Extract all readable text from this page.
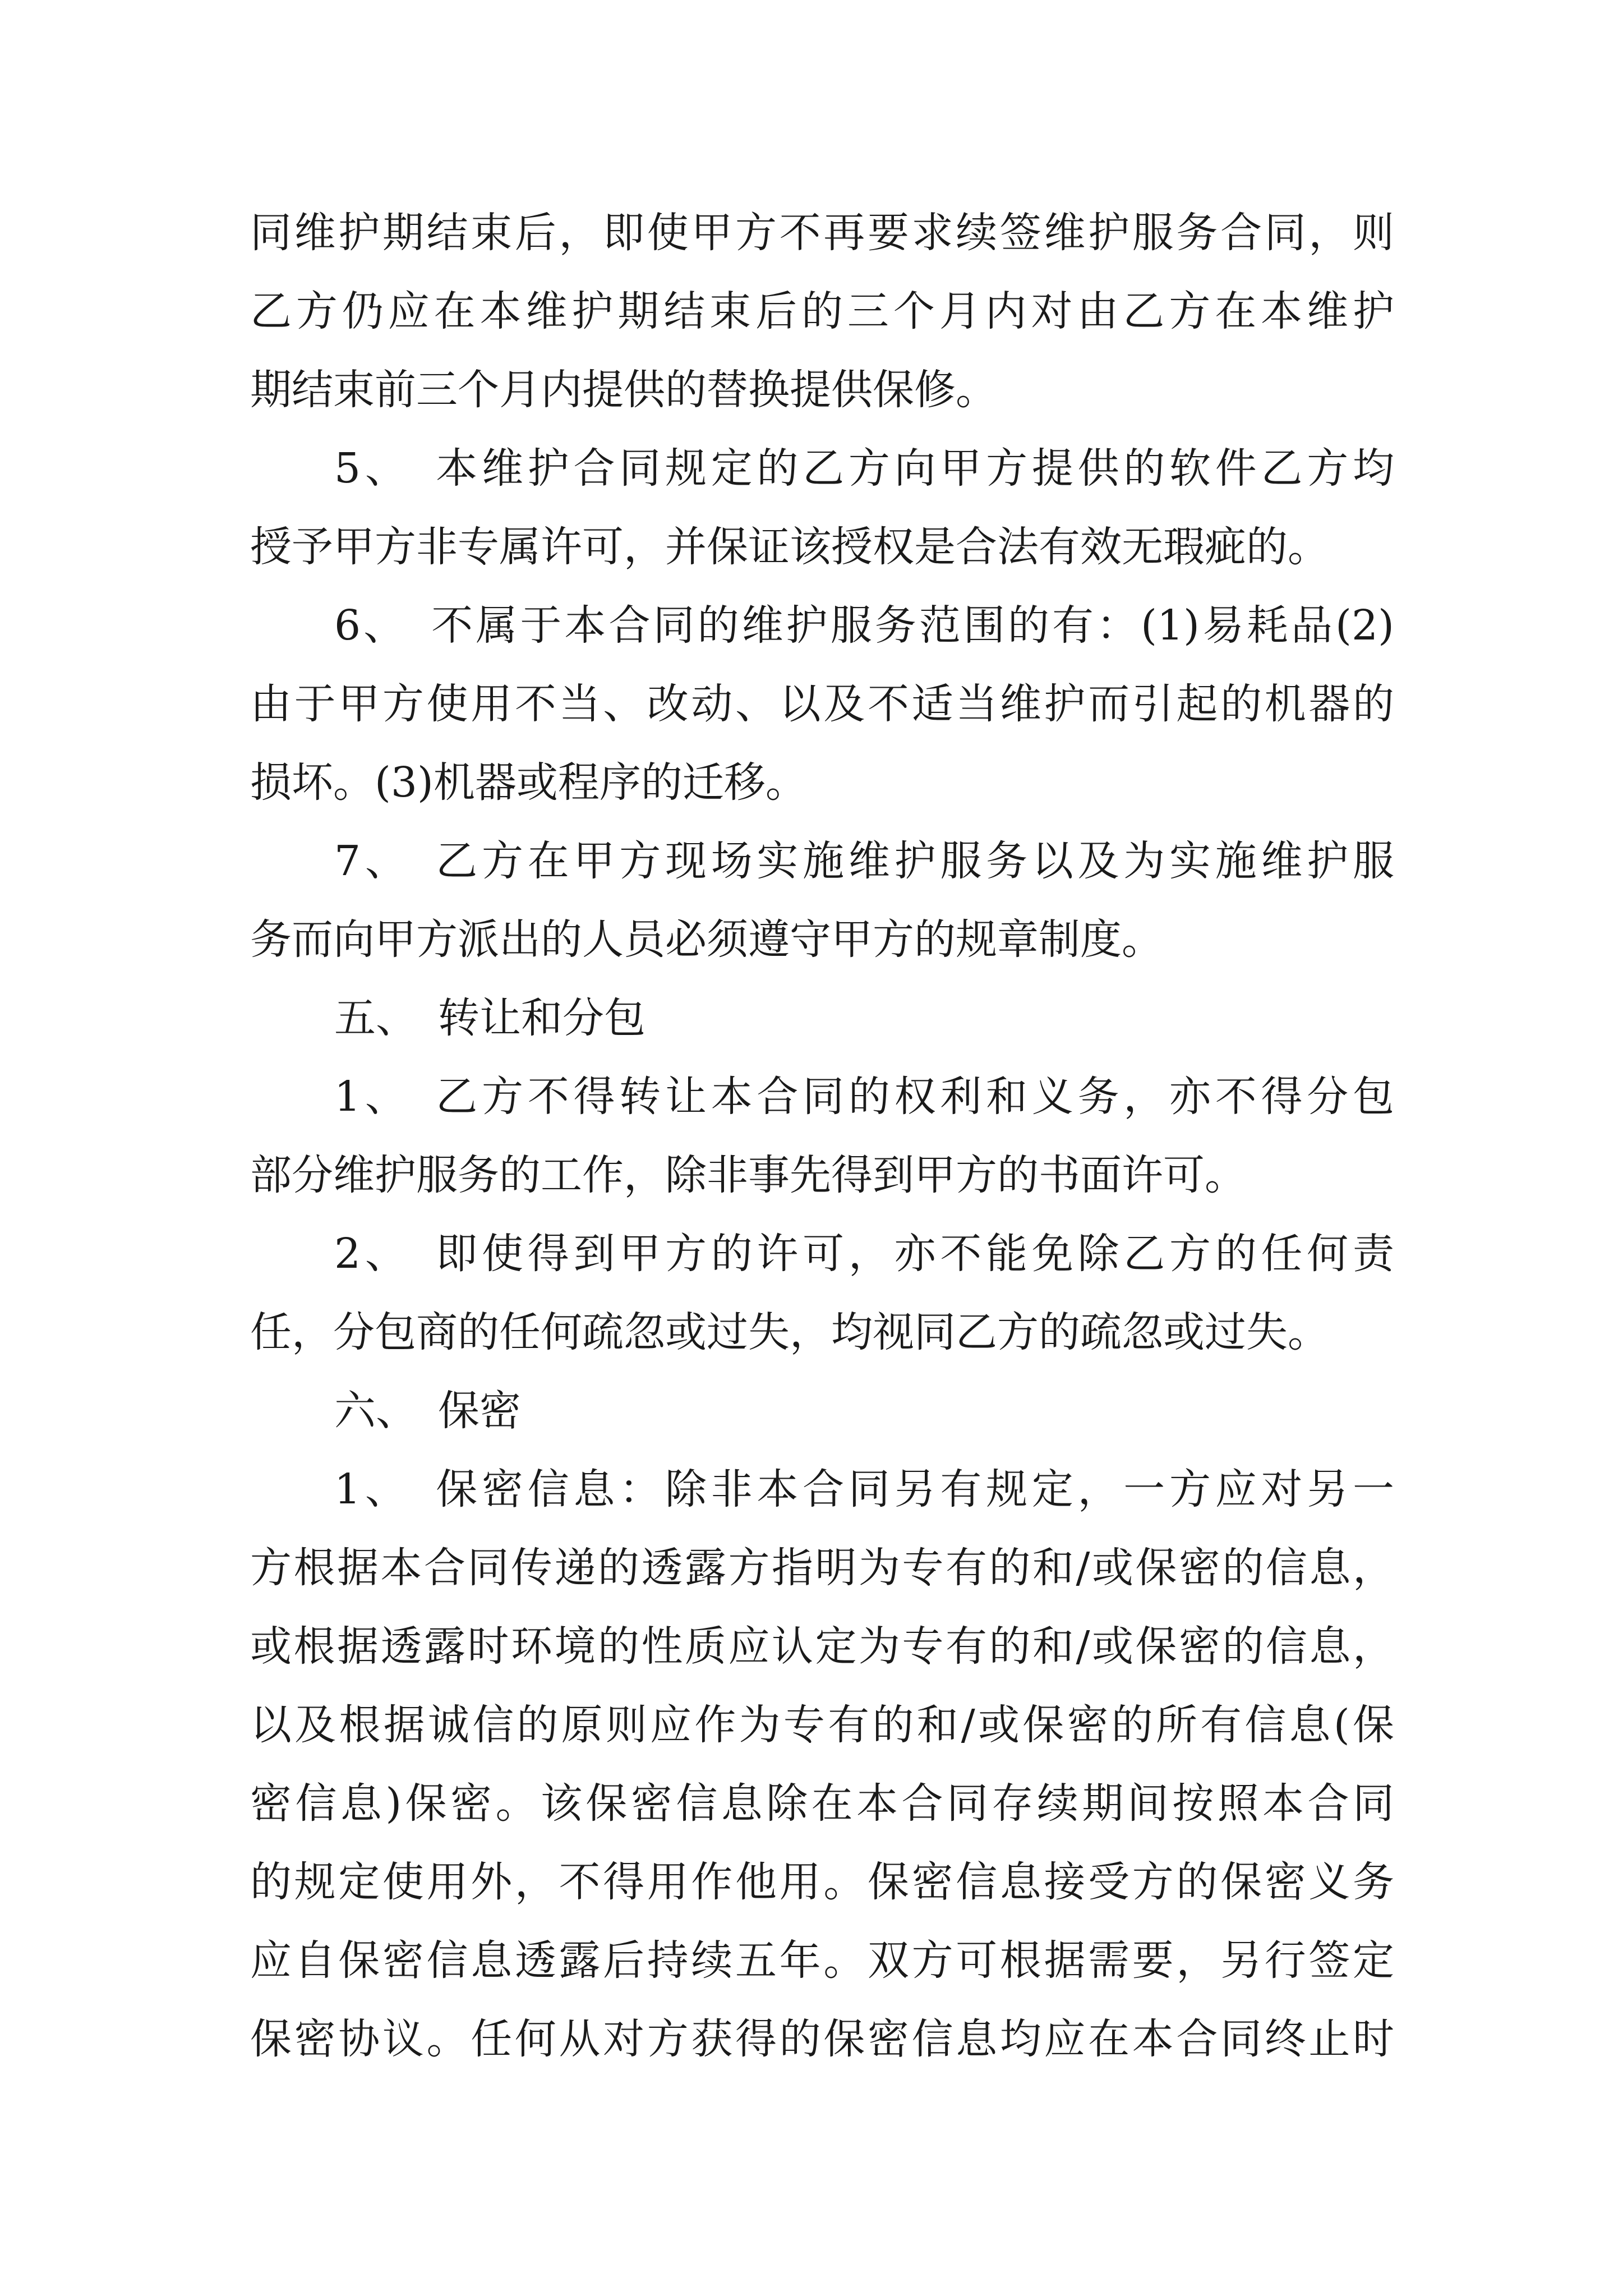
同维护期结束后，即使甲方不再要求续签维护服务合同，则
乙方仍应在本维护期结束后的三个月内对由乙方在本维护
期结束前三个月内提供的替换提供保修。
5、　本维护合同规定的乙方向甲方提供的软件乙方均
授予甲方非专属许可，并保证该授权是合法有效无瑕疵的。
6、　不属于本合同的维护服务范围的有：(1)易耗品(2)
由于甲方使用不当、改动、以及不适当维护而引起的机器的
损坏。(3)机器或程序的迁移。
7、　乙方在甲方现场实施维护服务以及为实施维护服
务而向甲方派出的人员必须遵守甲方的规章制度。
五、　转让和分包
1、　乙方不得转让本合同的权利和义务，亦不得分包
部分维护服务的工作，除非事先得到甲方的书面许可。
2、　即使得到甲方的许可，亦不能免除乙方的任何责
任，分包商的任何疏忽或过失，均视同乙方的疏忽或过失。
六、　保密
1、　保密信息：除非本合同另有规定，一方应对另一
方根据本合同传递的透露方指明为专有的和/或保密的信息，
或根据透露时环境的性质应认定为专有的和/或保密的信息，
以及根据诚信的原则应作为专有的和/或保密的所有信息(保
密信息)保密。该保密信息除在本合同存续期间按照本合同
的规定使用外，不得用作他用。保密信息接受方的保密义务
应自保密信息透露后持续五年。双方可根据需要，另行签定
保密协议。任何从对方获得的保密信息均应在本合同终止时
